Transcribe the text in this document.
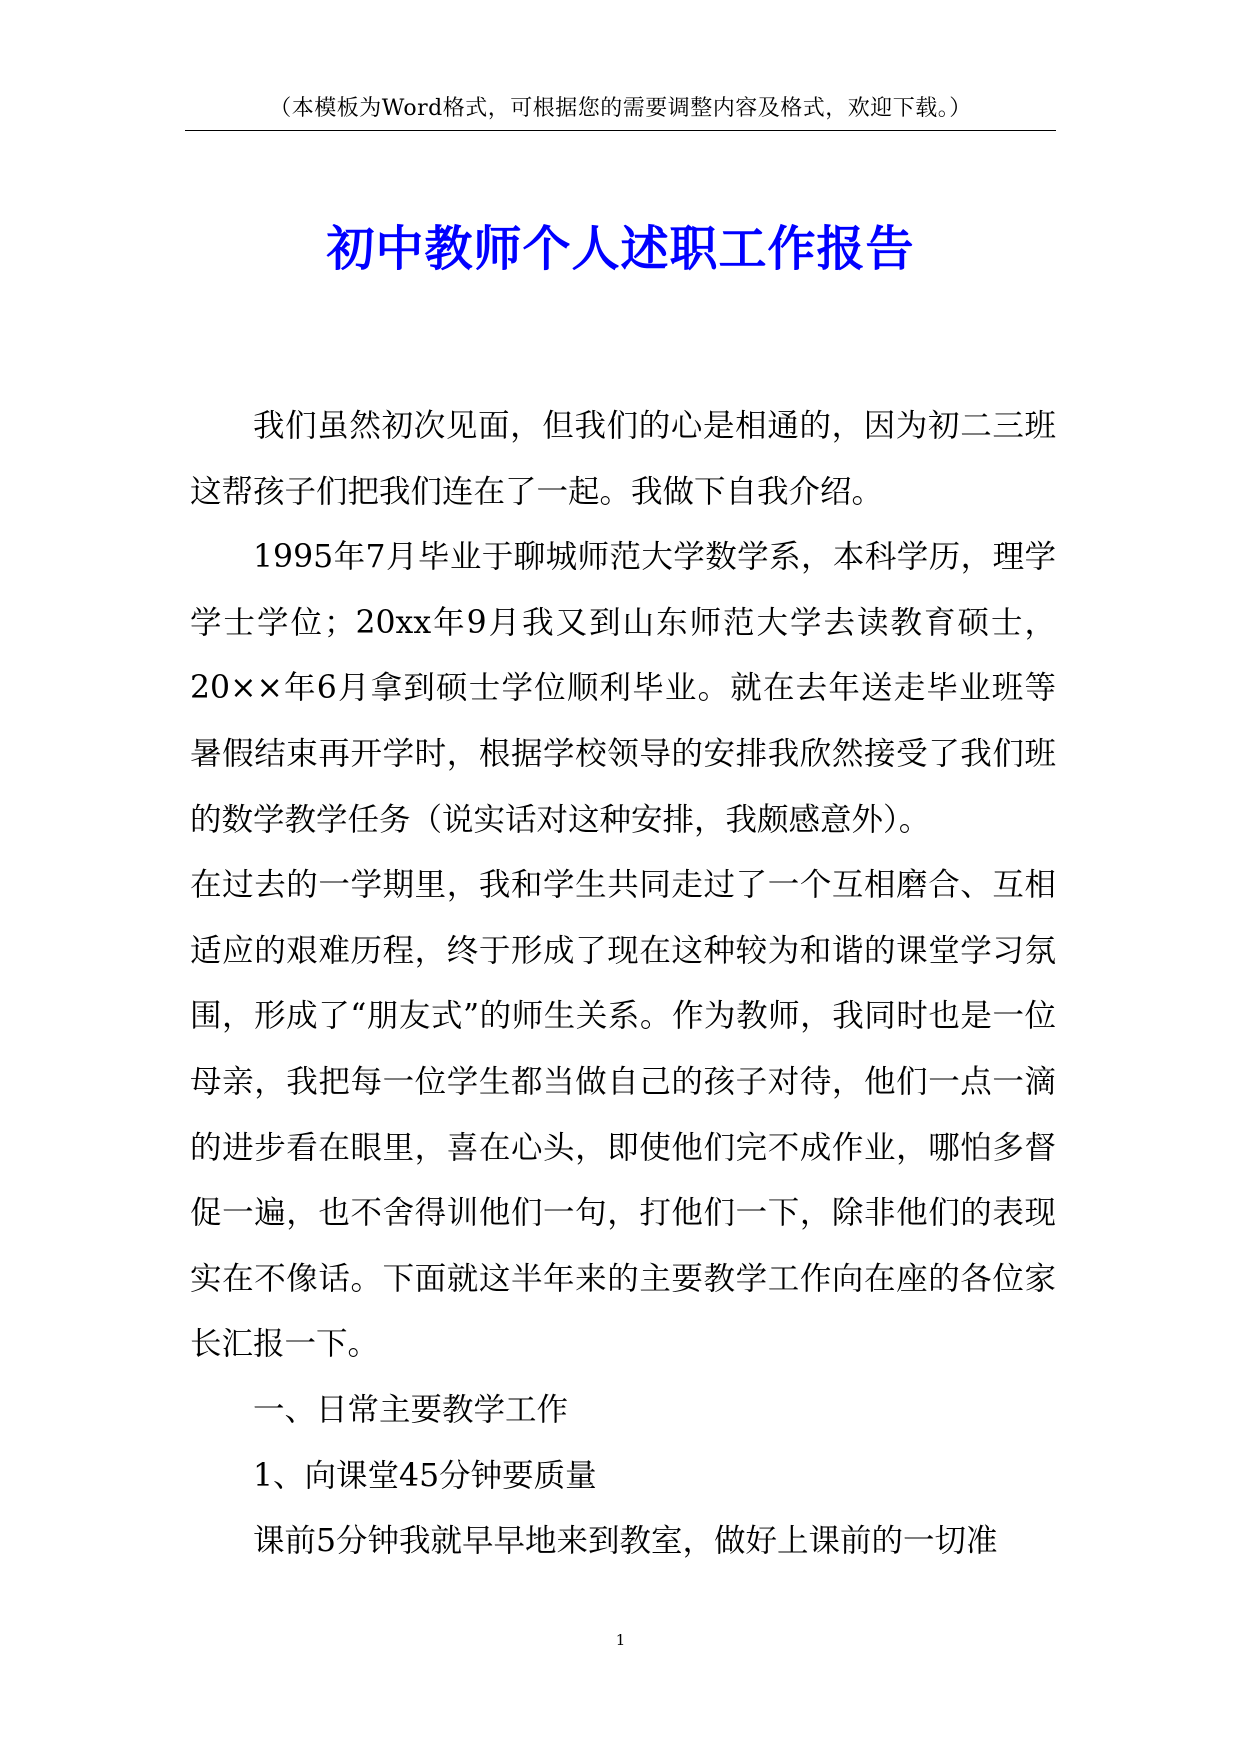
（本模板为Word格式，可根据您的需要调整内容及格式，欢迎下载。）
初中教师个人述职工作报告

我们虽然初次见面，但我们的心是相通的，因为初二三班这帮孩子们把我们连在了一起。我做下自我介绍。

1995年7月毕业于聊城师范大学数学系，本科学历，理学学士学位；20xx年9月我又到山东师范大学去读教育硕士，20××年6月拿到硕士学位顺利毕业。就在去年送走毕业班等暑假结束再开学时，根据学校领导的安排我欣然接受了我们班的数学教学任务（说实话对这种安排，我颇感意外）。

在过去的一学期里，我和学生共同走过了一个互相磨合、互相适应的艰难历程，终于形成了现在这种较为和谐的课堂学习氛围，形成了“朋友式”的师生关系。作为教师，我同时也是一位母亲，我把每一位学生都当做自己的孩子对待，他们一点一滴的进步看在眼里，喜在心头，即使他们完不成作业，哪怕多督促一遍，也不舍得训他们一句，打他们一下，除非他们的表现实在不像话。下面就这半年来的主要教学工作向在座的各位家长汇报一下。

一、日常主要教学工作

1、向课堂45分钟要质量

课前5分钟我就早早地来到教室，做好上课前的一切准

1
